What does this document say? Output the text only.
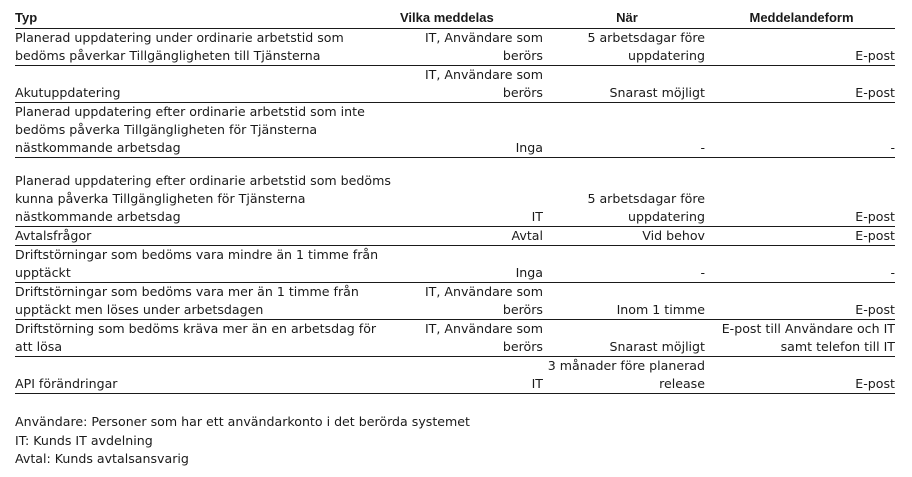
Typ	Vilka meddelas	När	Meddelandeform
Planerad uppdatering under ordinarie arbetstid som bedöms påverkar Tillgängligheten till Tjänsterna	IT, Användare som berörs	5 arbetsdagar före uppdatering	E-post
Akutuppdatering	IT, Användare som berörs	Snarast möjligt	E-post
Planerad uppdatering efter ordinarie arbetstid som inte bedöms påverka Tillgängligheten för Tjänsterna nästkommande arbetsdag	Inga	-	-
Planerad uppdatering efter ordinarie arbetstid som bedöms kunna påverka Tillgängligheten för Tjänsterna nästkommande arbetsdag	IT	5 arbetsdagar före uppdatering	E-post
Avtalsfrågor	Avtal	Vid behov	E-post
Driftstörningar som bedöms vara mindre än 1 timme från upptäckt	Inga	-	-
Driftstörningar som bedöms vara mer än 1 timme från upptäckt men löses under arbetsdagen	IT, Användare som berörs	Inom 1 timme	E-post
Driftstörning som bedöms kräva mer än en arbetsdag för att lösa	IT, Användare som berörs	Snarast möjligt	E-post till Användare och IT samt telefon till IT
API förändringar	IT	3 månader före planerad release	E-post
Användare: Personer som har ett användarkonto i det berörda systemet
IT: Kunds IT avdelning
Avtal: Kunds avtalsansvarig
